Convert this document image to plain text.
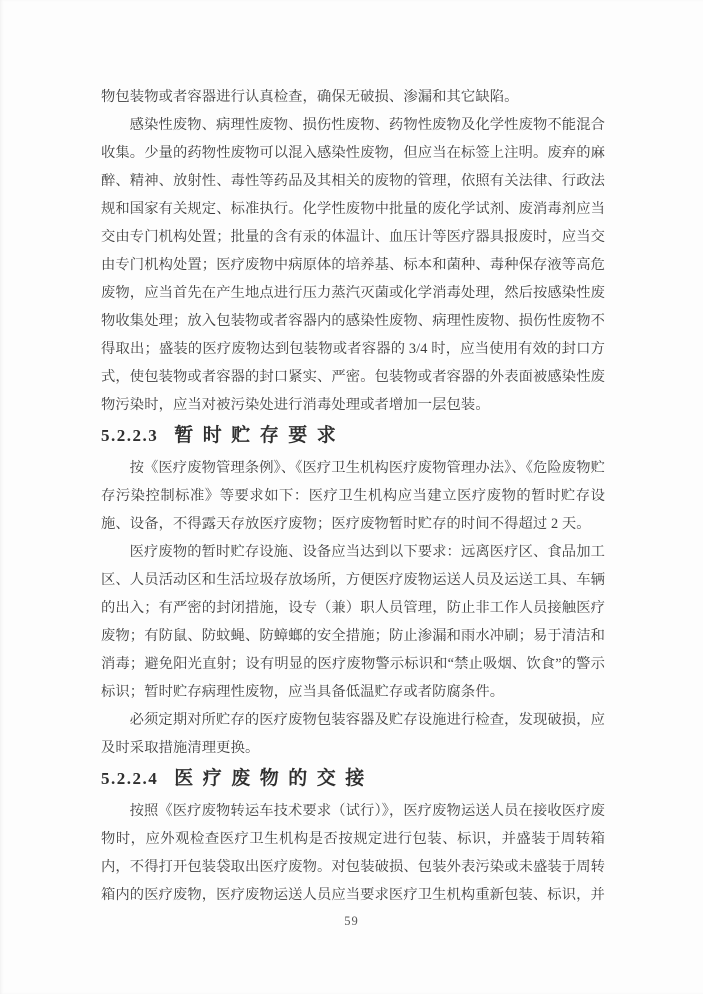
物包装物或者容器进行认真检查，确保无破损、渗漏和其它缺陷。

感染性废物、病理性废物、损伤性废物、药物性废物及化学性废物不能混合收集。少量的药物性废物可以混入感染性废物，但应当在标签上注明。废弃的麻醉、精神、放射性、毒性等药品及其相关的废物的管理，依照有关法律、行政法规和国家有关规定、标准执行。化学性废物中批量的废化学试剂、废消毒剂应当交由专门机构处置；批量的含有汞的体温计、血压计等医疗器具报废时，应当交由专门机构处置；医疗废物中病原体的培养基、标本和菌种、毒种保存液等高危废物，应当首先在产生地点进行压力蒸汽灭菌或化学消毒处理，然后按感染性废物收集处理；放入包装物或者容器内的感染性废物、病理性废物、损伤性废物不得取出；盛装的医疗废物达到包装物或者容器的 3/4 时，应当使用有效的封口方式，使包装物或者容器的封口紧实、严密。包装物或者容器的外表面被感染性废物污染时，应当对被污染处进行消毒处理或者增加一层包装。

5.2.2.3 暂时贮存要求

按《医疗废物管理条例》、《医疗卫生机构医疗废物管理办法》、《危险废物贮存污染控制标准》等要求如下：医疗卫生机构应当建立医疗废物的暂时贮存设施、设备，不得露天存放医疗废物；医疗废物暂时贮存的时间不得超过 2 天。

医疗废物的暂时贮存设施、设备应当达到以下要求：远离医疗区、食品加工区、人员活动区和生活垃圾存放场所，方便医疗废物运送人员及运送工具、车辆的出入；有严密的封闭措施，设专（兼）职人员管理，防止非工作人员接触医疗废物；有防鼠、防蚊蝇、防蟑螂的安全措施；防止渗漏和雨水冲刷；易于清洁和消毒；避免阳光直射；设有明显的医疗废物警示标识和“禁止吸烟、饮食”的警示标识；暂时贮存病理性废物，应当具备低温贮存或者防腐条件。

必须定期对所贮存的医疗废物包装容器及贮存设施进行检查，发现破损，应及时采取措施清理更换。

5.2.2.4 医疗废物的交接

按照《医疗废物转运车技术要求（试行）》，医疗废物运送人员在接收医疗废物时，应外观检查医疗卫生机构是否按规定进行包装、标识，并盛装于周转箱内，不得打开包装袋取出医疗废物。对包装破损、包装外表污染或未盛装于周转箱内的医疗废物，医疗废物运送人员应当要求医疗卫生机构重新包装、标识，并

59
